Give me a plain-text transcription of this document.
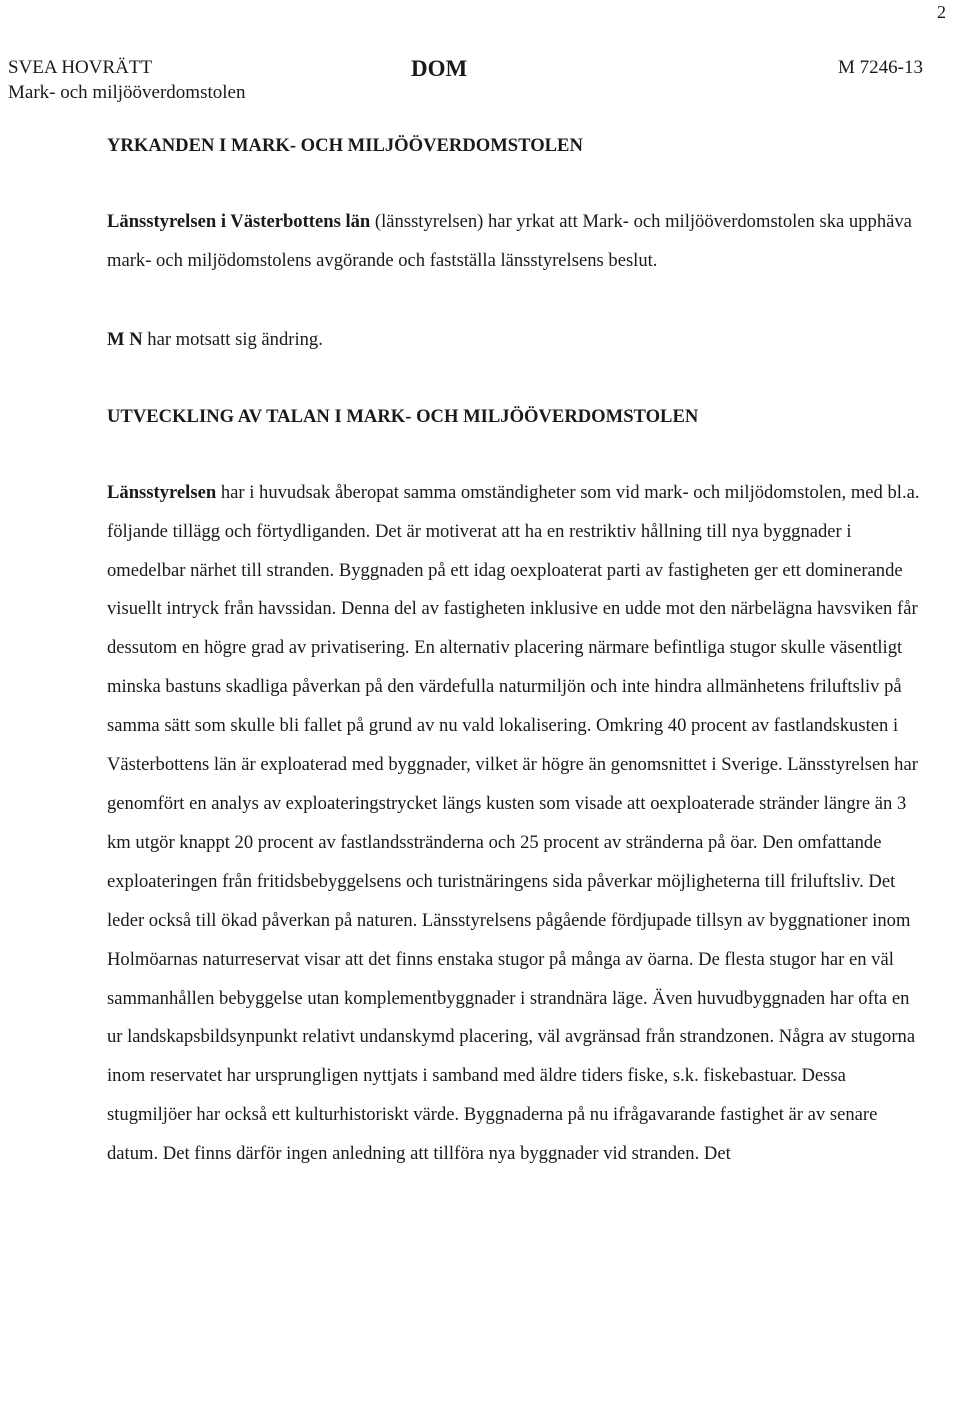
2
SVEA HOVRÄTT
Mark- och miljööverdomstolen
DOM	M 7246-13
YRKANDEN I MARK- OCH MILJÖÖVERDOMSTOLEN

Länsstyrelsen i Västerbottens län (länsstyrelsen) har yrkat att Mark- och miljööverdomstolen ska upphäva mark- och miljödomstolens avgörande och fastställa länsstyrelsens beslut.

M N har motsatt sig ändring.

UTVECKLING AV TALAN I MARK- OCH MILJÖÖVERDOMSTOLEN

Länsstyrelsen har i huvudsak åberopat samma omständigheter som vid mark- och miljödomstolen, med bl.a. följande tillägg och förtydliganden. Det är motiverat att ha en restriktiv hållning till nya byggnader i omedelbar närhet till stranden. Byggnaden på ett idag oexploaterat parti av fastigheten ger ett dominerande visuellt intryck från havssidan. Denna del av fastigheten inklusive en udde mot den närbelägna havsviken får dessutom en högre grad av privatisering. En alternativ placering närmare befintliga stugor skulle väsentligt minska bastuns skadliga påverkan på den värdefulla naturmiljön och inte hindra allmänhetens friluftsliv på samma sätt som skulle bli fallet på grund av nu vald lokalisering. Omkring 40 procent av fastlandskusten i Västerbottens län är exploaterad med byggnader, vilket är högre än genomsnittet i Sverige. Länsstyrelsen har genomfört en analys av exploateringstrycket längs kusten som visade att oexploaterade stränder längre än 3 km utgör knappt 20 procent av fastlandsstränderna och 25 procent av stränderna på öar. Den omfattande exploateringen från fritidsbebyggelsens och turistnäringens sida påverkar möjligheterna till friluftsliv. Det leder också till ökad påverkan på naturen. Länsstyrelsens pågående fördjupade tillsyn av byggnationer inom Holmöarnas naturreservat visar att det finns enstaka stugor på många av öarna. De flesta stugor har en väl sammanhållen bebyggelse utan komplementbyggnader i strandnära läge. Även huvudbyggnaden har ofta en ur landskapsbildsynpunkt relativt undanskymd placering, väl avgränsad från strandzonen. Några av stugorna inom reservatet har ursprungligen nyttjats i samband med äldre tiders fiske, s.k. fiskebastuar. Dessa stugmiljöer har också ett kulturhistoriskt värde. Byggnaderna på nu ifrågavarande fastighet är av senare datum. Det finns därför ingen anledning att tillföra nya byggnader vid stranden. Det
